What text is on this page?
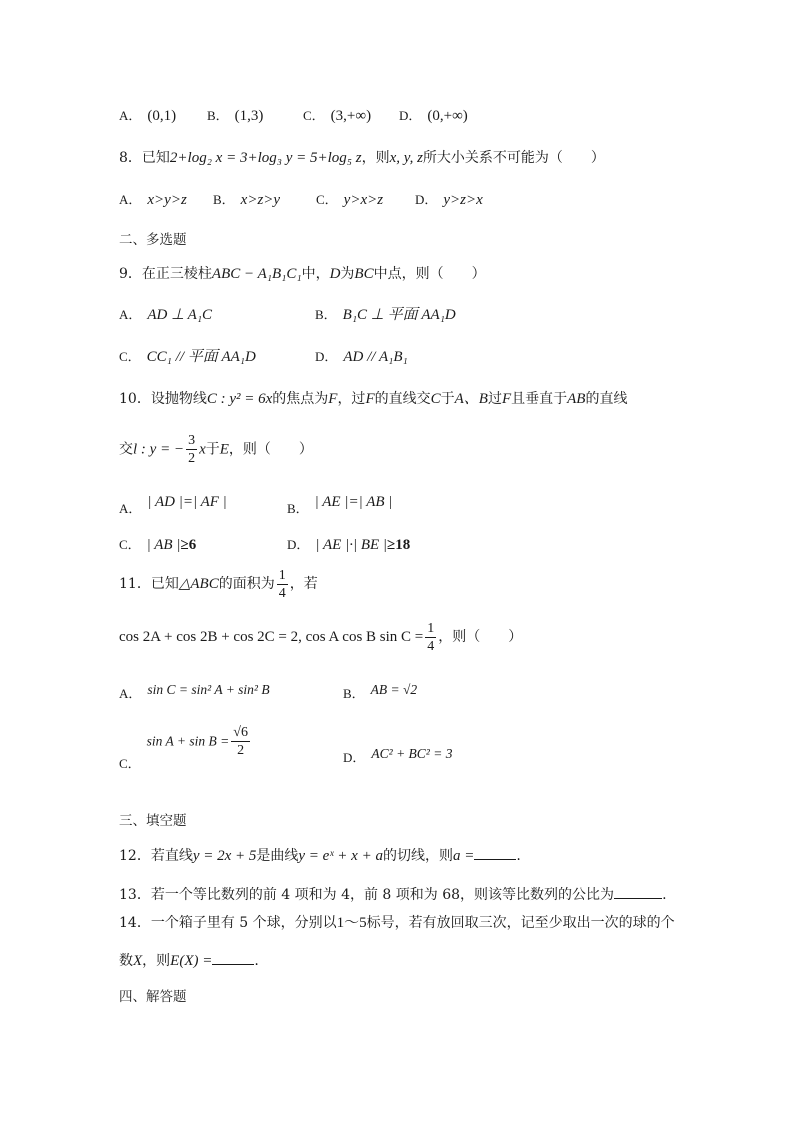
A． (0,1) B． (1,3)	C． (3,+∞) D． (0,+∞)
8．已知2+log₂ x = 3+log₃ y = 5+log₅ z，则x, y, z所大小关系不可能为（　　）
A． x>y>z B． x>z>y	C． y>x>z D． y>z>x
二、多选题
9．在正三棱柱ABC − A₁B₁C₁中，D为BC中点，则（　　）
A． AD ⊥ A₁C	B． B₁C ⊥ 平面 AA₁D
C． CC₁ // 平面 AA₁D	D． AD // A₁B₁
10．设抛物线C : y² = 6x的焦点为F，过F的直线交C于A、B过F且垂直于AB的直线
交l : y = − $\frac{3}{2}$ x于E，则（　　）
A． | AD |=| AF |	B． | AE |=| AB |
C． | AB |≥6	D． | AE |·| BE |≥18
11．已知△ABC的面积为 $\frac{1}{4}$ ，若
cos 2A + cos 2B + cos 2C = 2, cos A cos B $\sin C = \frac{1}{4}$ ，则（　　）
A． sin C = sin² A + sin² B	B． AB = √2
C．$\sin A + \sin B = \frac{√6}{2}$	D． AC² + BC² = 3
三、填空题
12．若直线y = 2x + 5是曲线y = eˣ + x + a的切线，则a =	.
13．若一个等比数列的前 4 项和为 4，前 8 项和为 68，则该等比数列的公比为	.
14．一个箱子里有 5 个球，分别以1～5标号，若有放回取三次，记至少取出一次的球的个
数X，则E(X) =	.
四、解答题
